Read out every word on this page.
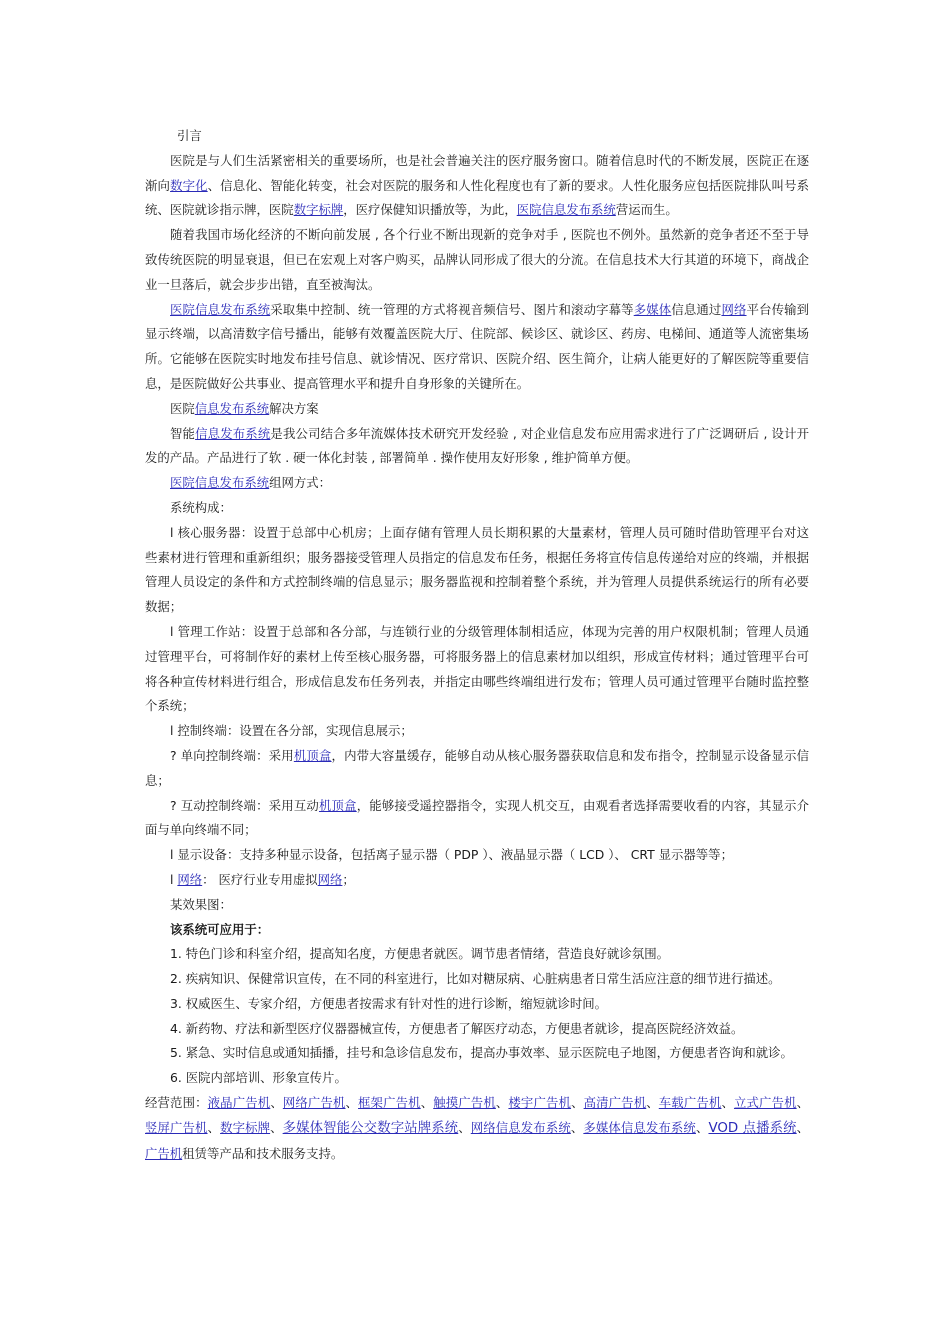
引言

医院是与人们生活紧密相关的重要场所，也是社会普遍关注的医疗服务窗口。随着信息时代的不断发展，医院正在逐渐向数字化、信息化、智能化转变，社会对医院的服务和人性化程度也有了新的要求。人性化服务应包括医院排队叫号系统、医院就诊指示牌，医院数字标牌，医疗保健知识播放等，为此，医院信息发布系统营运而生。

随着我国市场化经济的不断向前发展 , 各个行业不断出现新的竞争对手 , 医院也不例外。虽然新的竞争者还不至于导致传统医院的明显衰退，但已在宏观上对客户购买，品牌认同形成了很大的分流。在信息技术大行其道的环境下，商战企业一旦落后，就会步步出错，直至被淘汰。

医院信息发布系统采取集中控制、统一管理的方式将视音频信号、图片和滚动字幕等多媒体信息通过网络平台传输到显示终端，以高清数字信号播出，能够有效覆盖医院大厅、住院部、候诊区、就诊区、药房、电梯间、通道等人流密集场所。它能够在医院实时地发布挂号信息、就诊情况、医疗常识、医院介绍、医生简介，让病人能更好的了解医院等重要信息，是医院做好公共事业、提高管理水平和提升自身形象的关键所在。

医院信息发布系统解决方案

智能信息发布系统是我公司结合多年流媒体技术研究开发经验 , 对企业信息发布应用需求进行了广泛调研后 , 设计开发的产品。产品进行了软 . 硬一体化封装 , 部署简单 . 操作使用友好形象 , 维护简单方便。

医院信息发布系统组网方式：

系统构成：

l 核心服务器：设置于总部中心机房；上面存储有管理人员长期积累的大量素材，管理人员可随时借助管理平台对这些素材进行管理和重新组织；服务器接受管理人员指定的信息发布任务，根据任务将宣传信息传递给对应的终端，并根据管理人员设定的条件和方式控制终端的信息显示；服务器监视和控制着整个系统，并为管理人员提供系统运行的所有必要数据；

l 管理工作站：设置于总部和各分部，与连锁行业的分级管理体制相适应，体现为完善的用户权限机制；管理人员通过管理平台，可将制作好的素材上传至核心服务器，可将服务器上的信息素材加以组织，形成宣传材料；通过管理平台可将各种宣传材料进行组合，形成信息发布任务列表，并指定由哪些终端组进行发布；管理人员可通过管理平台随时监控整个系统；

l 控制终端：设置在各分部，实现信息展示；

? 单向控制终端：采用机顶盒，内带大容量缓存，能够自动从核心服务器获取信息和发布指令，控制显示设备显示信息；

? 互动控制终端：采用互动机顶盒，能够接受遥控器指令，实现人机交互，由观看者选择需要收看的内容，其显示介面与单向终端不同；

l 显示设备：支持多种显示设备，包括离子显示器（ PDP ）、液晶显示器（ LCD ）、 CRT 显示器等等；

l 网络： 医疗行业专用虚拟网络；

某效果图：

该系统可应用于：

1. 特色门诊和科室介绍，提高知名度，方便患者就医。调节患者情绪，营造良好就诊氛围。

2. 疾病知识、保健常识宣传，在不同的科室进行，比如对糖尿病、心脏病患者日常生活应注意的细节进行描述。

3. 权威医生、专家介绍，方便患者按需求有针对性的进行诊断，缩短就诊时间。

4. 新药物、疗法和新型医疗仪器器械宣传，方便患者了解医疗动态，方便患者就诊，提高医院经济效益。

5. 紧急、实时信息或通知插播，挂号和急诊信息发布，提高办事效率、显示医院电子地图，方便患者咨询和就诊。

6. 医院内部培训、形象宣传片。

经营范围：液晶广告机、网络广告机、框架广告机、触摸广告机、楼宇广告机、高清广告机、车载广告机、立式广告机、竖屏广告机、数字标牌、多媒体智能公交数字站牌系统、网络信息发布系统、多媒体信息发布系统、VOD 点播系统、广告机租赁等产品和技术服务支持。
